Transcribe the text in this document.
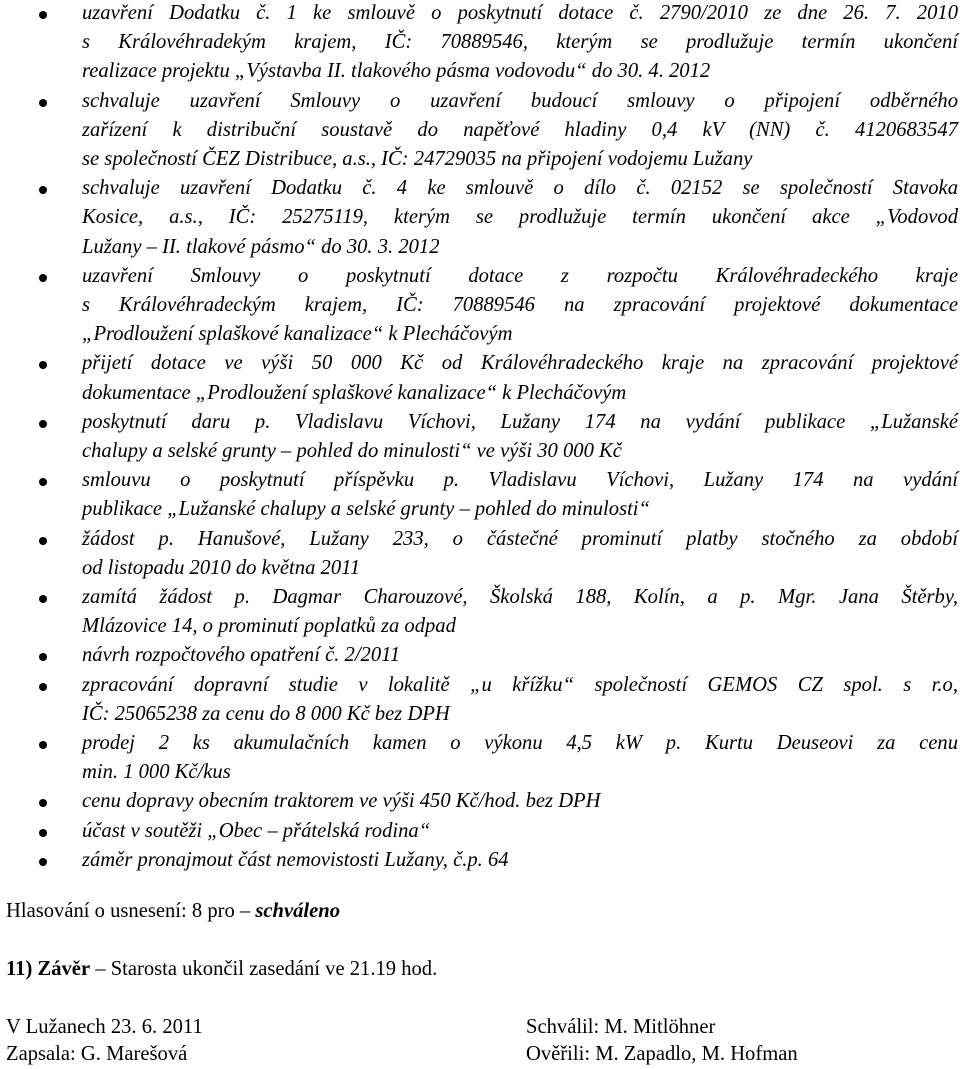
uzavření Dodatku č. 1 ke smlouvě o poskytnutí dotace č. 2790/2010 ze dne 26. 7. 2010
s Královéhradekým krajem, IČ: 70889546, kterým se prodlužuje termín ukončení
realizace projektu „Výstavba II. tlakového pásma vodovodu“ do 30. 4. 2012
schvaluje uzavření Smlouvy o uzavření budoucí smlouvy o připojení odběrného
zařízení k distribuční soustavě do napěťové hladiny 0,4 kV (NN) č. 4120683547
se společností ČEZ Distribuce, a.s., IČ: 24729035 na připojení vodojemu Lužany
schvaluje uzavření Dodatku č. 4 ke smlouvě o dílo č. 02152 se společností Stavoka
Kosice, a.s., IČ: 25275119, kterým se prodlužuje termín ukončení akce „Vodovod
Lužany – II. tlakové pásmo“ do 30. 3. 2012
uzavření Smlouvy o poskytnutí dotace z rozpočtu Královéhradeckého kraje
s Královéhradeckým krajem, IČ: 70889546 na zpracování projektové dokumentace
„Prodloužení splaškové kanalizace“ k Plecháčovým
přijetí dotace ve výši 50 000 Kč od Královéhradeckého kraje na zpracování projektové
dokumentace „Prodloužení splaškové kanalizace“ k Plecháčovým
poskytnutí daru p. Vladislavu Víchovi, Lužany 174 na vydání publikace „Lužanské
chalupy a selské grunty – pohled do minulosti“ ve výši 30 000 Kč
smlouvu o poskytnutí příspěvku p. Vladislavu Víchovi, Lužany 174 na vydání
publikace „Lužanské chalupy a selské grunty – pohled do minulosti“
žádost p. Hanušové, Lužany 233, o částečné prominutí platby stočného za období
od listopadu 2010 do května 2011
zamítá žádost p. Dagmar Charouzové, Školská 188, Kolín, a p. Mgr. Jana Štěrby,
Mlázovice 14, o prominutí poplatků za odpad
návrh rozpočtového opatření č. 2/2011
zpracování dopravní studie v lokalitě „u křížku“ společností GEMOS CZ spol. s r.o,
IČ: 25065238 za cenu do 8 000 Kč bez DPH
prodej 2 ks akumulačních kamen o výkonu 4,5 kW p. Kurtu Deuseovi za cenu
min. 1 000 Kč/kus
cenu dopravy obecním traktorem ve výši 450 Kč/hod. bez DPH
účast v soutěži „Obec – přátelská rodina“
záměr pronajmout část nemovistosti Lužany, č.p. 64
Hlasování o usnesení: 8 pro – schváleno
11) Závěr – Starosta ukončil zasedání ve 21.19 hod.
V Lužanech 23. 6. 2011	Schválil: M. Mitlöhner
Zapsala: G. Marešová	Ověřili: M. Zapadlo, M. Hofman
